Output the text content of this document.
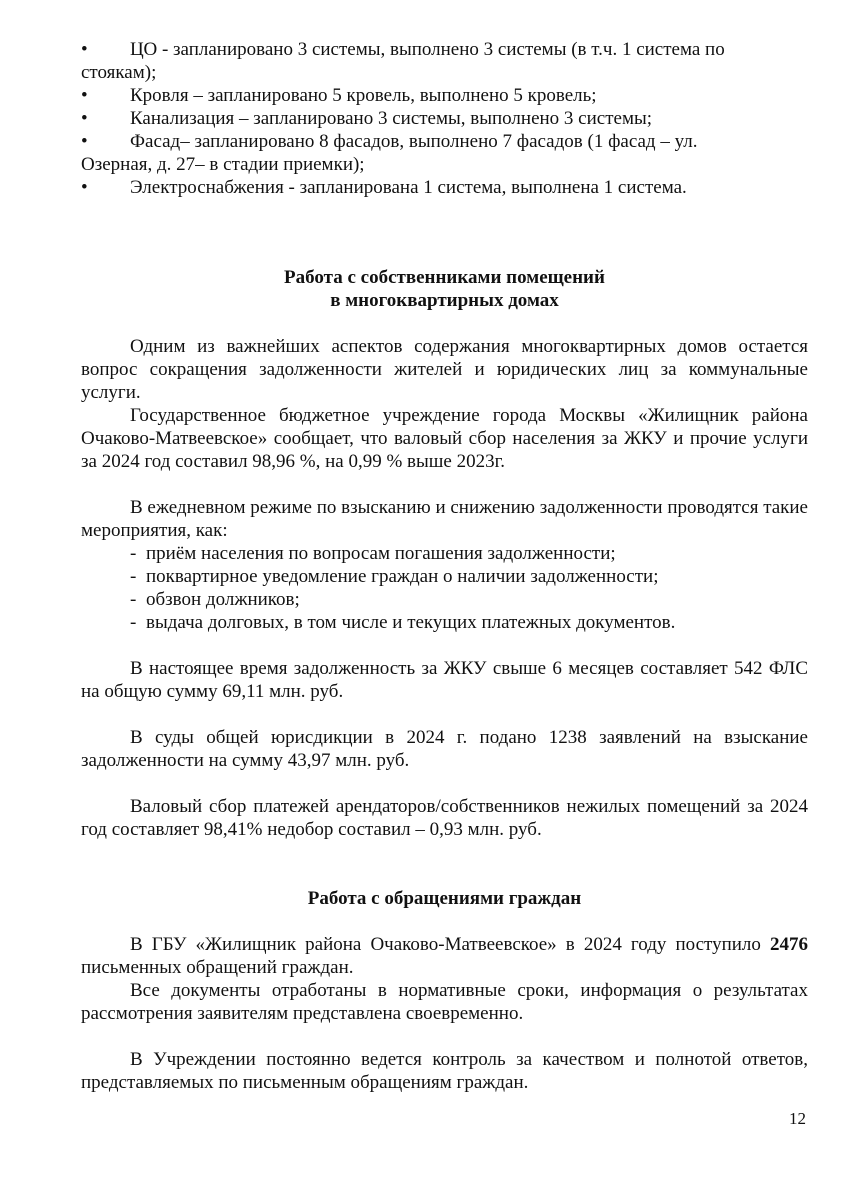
•	ЦО - запланировано 3 системы, выполнено 3 системы (в т.ч. 1 система по
стоякам);
•	Кровля – запланировано 5 кровель, выполнено 5 кровель;
•	Канализация – запланировано 3 системы, выполнено 3 системы;
•	Фасад– запланировано 8 фасадов, выполнено 7 фасадов (1 фасад – ул.
Озерная, д. 27– в стадии приемки);
•	Электроснабжения - запланирована 1 система, выполнена 1 система.
Работа с собственниками помещений
в многоквартирных домах

Одним из важнейших аспектов содержания многоквартирных домов остается вопрос сокращения задолженности жителей и юридических лиц за коммунальные услуги.

Государственное бюджетное учреждение города Москвы «Жилищник района Очаково-Матвеевское» сообщает, что валовый сбор населения за ЖКУ и прочие услуги за 2024 год составил 98,96 %, на 0,99 % выше 2023г.

В ежедневном режиме по взысканию и снижению задолженности проводятся такие мероприятия, как:

- приём населения по вопросам погашения задолженности;
- поквартирное уведомление граждан о наличии задолженности;
- обзвон должников;
- выдача долговых, в том числе и текущих платежных документов.

В настоящее время задолженность за ЖКУ свыше 6 месяцев составляет 542 ФЛС на общую сумму 69,11 млн. руб.

В суды общей юрисдикции в 2024 г. подано 1238 заявлений на взыскание задолженности на сумму 43,97 млн. руб.

Валовый сбор платежей арендаторов/собственников нежилых помещений за 2024 год составляет 98,41% недобор составил – 0,93 млн. руб.

Работа с обращениями граждан

В ГБУ «Жилищник района Очаково-Матвеевское» в 2024 году поступило 2476 письменных обращений граждан.

Все документы отработаны в нормативные сроки, информация о результатах рассмотрения заявителям представлена своевременно.

В Учреждении постоянно ведется контроль за качеством и полнотой ответов, представляемых по письменным обращениям граждан.

12
